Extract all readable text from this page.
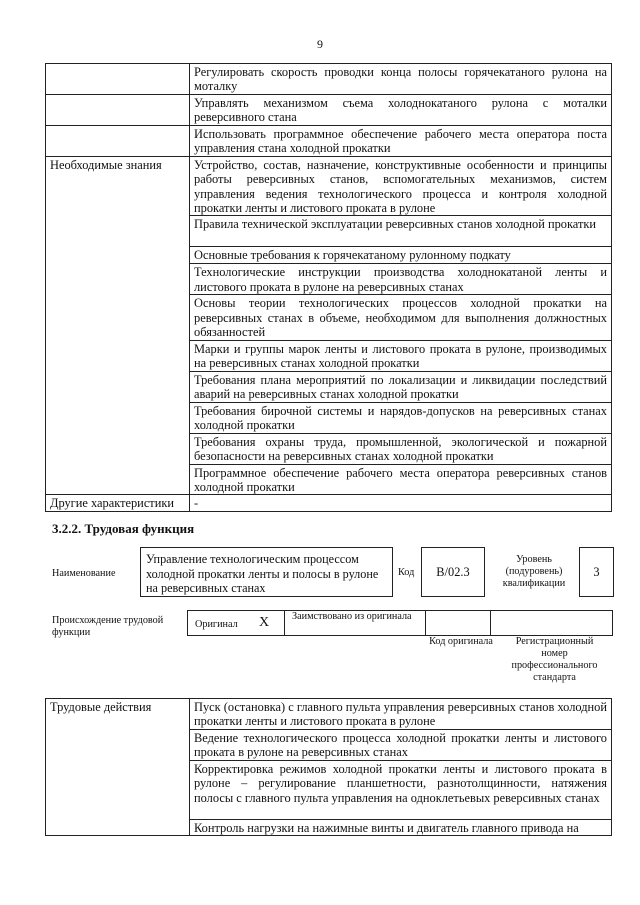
9
	Регулировать скорость проводки конца полосы горячекатаного рулона на моталку
	Управлять механизмом съема холоднокатаного рулона с моталки реверсивного стана
	Использовать программное обеспечение рабочего места оператора поста управления стана холодной прокатки
Необходимые знания	Устройство, состав, назначение, конструктивные особенности и принципы работы реверсивных станов, вспомогательных механизмов, систем управления ведения технологического процесса и контроля холодной прокатки ленты и листового проката в рулоне
	Правила технической эксплуатации реверсивных станов холодной прокатки
	Основные требования к горячекатаному рулонному подкату
	Технологические инструкции производства холоднокатаной ленты и листового проката в рулоне на реверсивных станах
	Основы теории технологических процессов холодной прокатки на реверсивных станах в объеме, необходимом для выполнения должностных обязанностей
	Марки и группы марок ленты и листового проката в рулоне, производимых на реверсивных станах холодной прокатки
	Требования плана мероприятий по локализации и ликвидации последствий аварий на реверсивных станах холодной прокатки
	Требования бирочной системы и нарядов-допусков на реверсивных станах холодной прокатки
	Требования охраны труда, промышленной, экологической и пожарной безопасности на реверсивных станах холодной прокатки
	Программное обеспечение рабочего места оператора реверсивных станов холодной прокатки
Другие характеристики	-
3.2.2. Трудовая функция
Наименование
Управление технологическим процессом холодной прокатки ленты и полосы в рулоне на реверсивных станах
Код	B/02.3
Уровень (подуровень) квалификации
3
Происхождение трудовой функции
Оригинал X Заимствовано из оригинала
Код оригинала	Регистрационный номер профессионального стандарта
Трудовые действия	Пуск (остановка) с главного пульта управления реверсивных станов холодной прокатки ленты и листового проката в рулоне
Ведение технологического процесса холодной прокатки ленты и листового проката в рулоне на реверсивных станах
Корректировка режимов холодной прокатки ленты и листового проката в рулоне – регулирование планшетности, разнотолщинности, натяжения полосы с главного пульта управления на одноклетьевых реверсивных станах
Контроль нагрузки на нажимные винты и двигатель главного привода на
